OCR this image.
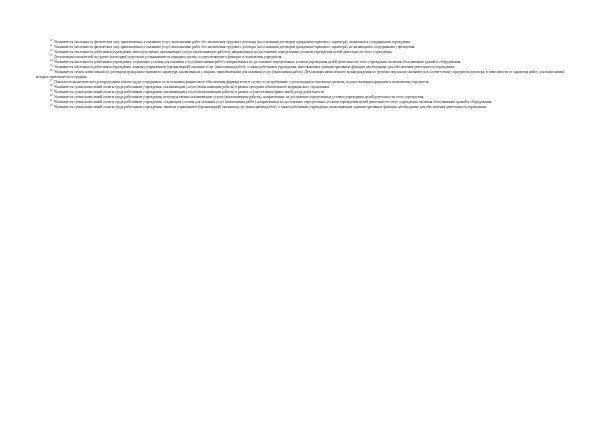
$^{10}$ Указывается численность физических лиц, привлекаемых к оказанию услуг, выполнению работ без заключения трудового договора (на основании договоров гражданско-правового характера), являющихся сотрудниками учреждения.

$^{11}$ Указывается численность физических лиц, привлекаемых к оказанию услуг, выполнению работ без заключения трудового договора (на основании договоров гражданско-правового характера), не являющихся сотрудниками учреждения.

$^{12}$ Указывается численность работников учреждения, непосредственно оказывающих услуги (выполняющих работы), направленные на достижение определенных уставом учреждения целей деятельности этого учреждения.

$^{13}$ Детализация показателей по группе (категории) персонала устанавливается порядком органа, осуществляющего функции и полномочия учредителя.

$^{14}$ Указывается численность работников учреждения, создающих условия для оказания услуг (выполнения работ), направленных на достижение определенных уставом учреждения целей деятельности этого учреждения, включая обслуживание зданий и оборудования.

$^{15}$ Указывается численность работников учреждения, занятых управлением (организацией) оказания услуг (выполнения работ), а также работников учреждения, выполняющих административные функции, необходимые для обеспечения деятельности учреждения.

$^{16}$ Указывается сумма, начисленная по договорам гражданско-правового характера, заключенным с лицами, привлекаемыми для оказания услуг (выполнения работ). Детализация начисленного вознаграждения по группам персонала указывается в соответствии с предметом договора, в зависимости от характера работ, для выполнения которых привлекается сотрудник.

$^{17}$ Показатели аналитического распределения оплаты труда сотрудников по источникам финансового обеспечения формируются в случае, если требование о детализации установлено органом, осуществляющим функции и полномочия учредителя.

$^{18}$ Указывается сумма начислений оплаты труда работникам учреждения, оказывающим услуги (выполняющим работы) в рамках программ обязательного медицинского страхования.

$^{19}$ Указывается сумма начислений оплаты труда работникам учреждения, оказывающим услуги (выполняющим работы) в рамках осуществления приносящей доход деятельности.

$^{20}$ Указывается сумма начислений оплаты труда работникам учреждения, непосредственно оказывающим услуги (выполняющим работы), направленные на достижение определенных уставом учреждения целей деятельности этого учреждения.

$^{21}$ Указывается сумма начислений оплаты труда работникам учреждения, создающим условия для оказания услуг (выполнения работ), направленных на достижение определенных уставом учреждения целей деятельности этого учреждения, включая обслуживание зданий и оборудования.

$^{22}$ Указывается сумма начислений оплаты труда работникам учреждения, занятым управлением (организацией) оказания услуг (выполнения работ), а также работникам учреждения, выполняющим административные функции, необходимые для обеспечения деятельности учреждения.
